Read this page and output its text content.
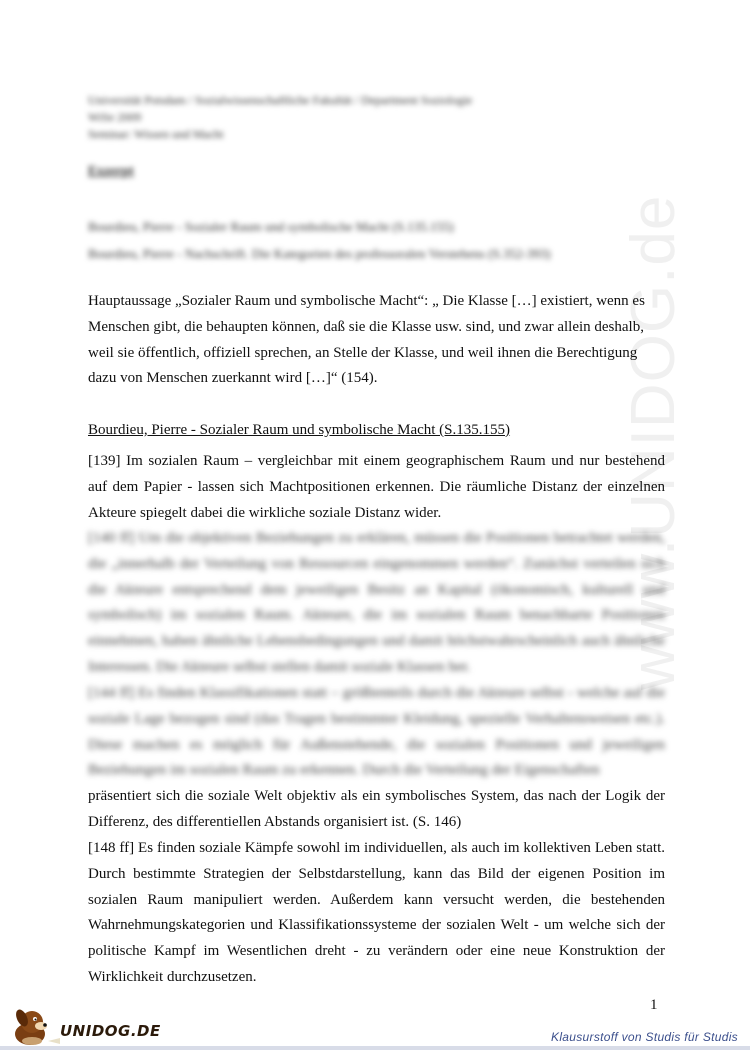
www.UNIDOG.de
Universität Potsdam / Sozialwissenschaftliche Fakultät / Department Soziologie
WiSe 2009
Seminar: Wissen und Macht
Exzerpt
Bourdieu, Pierre - Sozialer Raum und symbolische Macht (S.135.155)
Bourdieu, Pierre - Nachschrift. Die Kategorien des professoralen Verstehens (S.352-393)
Hauptaussage „Sozialer Raum und symbolische Macht“: „ Die Klasse […] existiert, wenn es Menschen gibt, die behaupten können, daß sie die Klasse usw. sind, und zwar allein deshalb, weil sie öffentlich, offiziell sprechen, an Stelle der Klasse, und weil ihnen die Berechtigung dazu von Menschen zuerkannt wird […]“ (154).
Bourdieu, Pierre - Sozialer Raum und symbolische Macht (S.135.155)
[139] Im sozialen Raum – vergleichbar mit einem geographischem Raum und nur bestehend auf dem Papier - lassen sich Machtpositionen erkennen. Die räumliche Distanz der einzelnen Akteure spiegelt dabei die wirkliche soziale Distanz wider.
[140 ff] Um die objektiven Beziehungen zu erklären, müssen die Positionen betrachtet werden, die „innerhalb der Verteilung von Ressourcen eingenommen werden“. Zunächst verteilen sich die Akteure entsprechend dem jeweiligen Besitz an Kapital (ökonomisch, kulturell und symbolisch) im sozialen Raum. Akteure, die im sozialen Raum benachbarte Positionen einnehmen, haben ähnliche Lebensbedingungen und damit höchstwahrscheinlich auch ähnliche Interessen. Die Akteure selbst stellen damit soziale Klassen her.
[144 ff] Es finden Klassifikationen statt – größtenteils durch die Akteure selbst - welche auf die soziale Lage bezogen sind (das Tragen bestimmter Kleidung, spezielle Verhaltensweisen etc.). Diese machen es möglich für Außenstehende, die sozialen Positionen und jeweiligen Beziehungen im sozialen Raum zu erkennen. Durch die Verteilung der Eigenschaften
präsentiert sich die soziale Welt objektiv als ein symbolisches System, das nach der Logik der Differenz, des differentiellen Abstands organisiert ist. (S. 146)
[148 ff] Es finden soziale Kämpfe sowohl im individuellen, als auch im kollektiven Leben statt. Durch bestimmte Strategien der Selbstdarstellung, kann das Bild der eigenen Position im sozialen Raum manipuliert werden. Außerdem kann versucht werden, die bestehenden Wahrnehmungskategorien und Klassifikationssysteme der sozialen Welt - um welche sich der politische Kampf im Wesentlichen dreht - zu verändern oder eine neue Konstruktion der Wirklichkeit durchzusetzen.
1
UNIDOG.DE	Klausurstoff von Studis für Studis
